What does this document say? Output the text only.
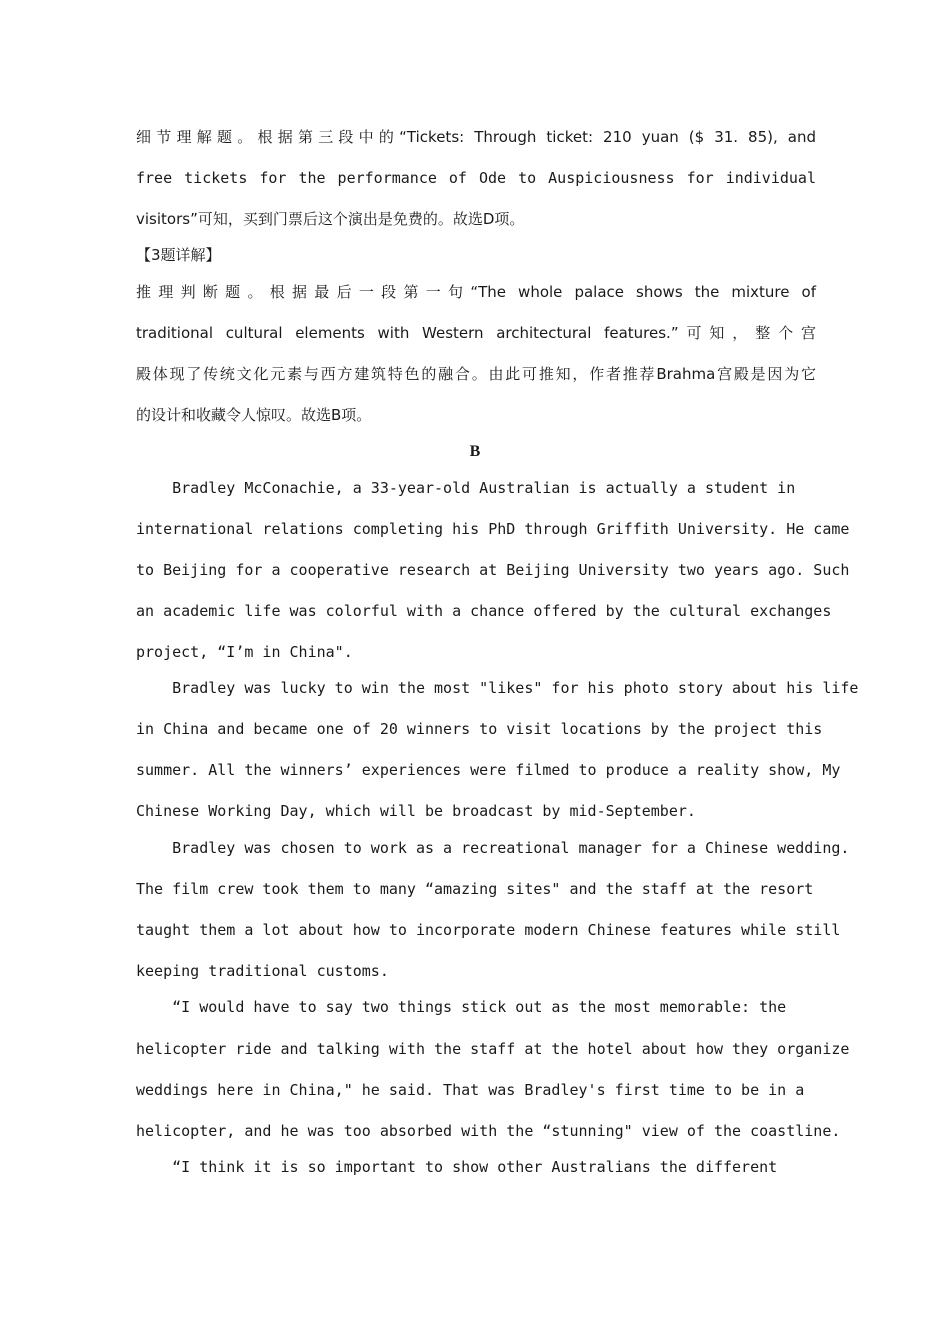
细节理解题。根据第三段中的“Tickets: Through ticket: 210 yuan ($ 31. 85), and
free tickets for the performance of Ode to Auspiciousness for individual
visitors”可知，买到门票后这个演出是免费的。故选D项。
【3题详解】
推理判断题。根据最后一段第一句“The whole palace shows the mixture of
traditional cultural elements with Western architectural features.”可知，整个宫
殿体现了传统文化元素与西方建筑特色的融合。由此可推知，作者推荐Brahma宫殿是因为它
的设计和收藏令人惊叹。故选B项。
B
Bradley McConachie, a 33-year-old Australian is actually a student in
international relations completing his PhD through Griffith University. He came
to Beijing for a cooperative research at Beijing University two years ago. Such
an academic life was colorful with a chance offered by the cultural exchanges
project, “I’m in China".
Bradley was lucky to win the most "likes" for his photo story about his life
in China and became one of 20 winners to visit locations by the project this
summer. All the winners’ experiences were filmed to produce a reality show, My
Chinese Working Day, which will be broadcast by mid-September.
Bradley was chosen to work as a recreational manager for a Chinese wedding.
The film crew took them to many “amazing sites" and the staff at the resort
taught them a lot about how to incorporate modern Chinese features while still
keeping traditional customs.
“I would have to say two things stick out as the most memorable: the
helicopter ride and talking with the staff at the hotel about how they organize
weddings here in China," he said. That was Bradley's first time to be in a
helicopter, and he was too absorbed with the “stunning" view of the coastline.
“I think it is so important to show other Australians the different
